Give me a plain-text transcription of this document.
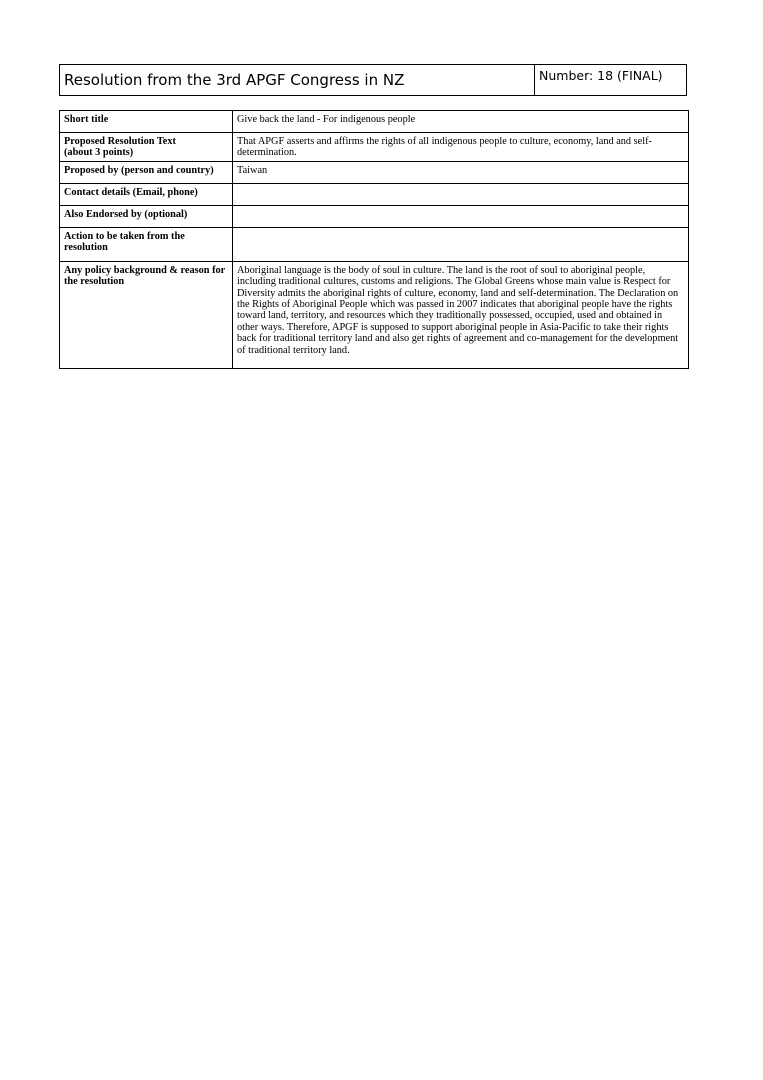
Resolution from the 3rd APGF Congress in NZ	Number: 18 (FINAL)
Short title	Give back the land - For indigenous people
Proposed Resolution Text
(about 3 points)	That APGF asserts and affirms the rights of all indigenous people to culture, economy, land and self-determination.
Proposed by (person and country)	Taiwan
Contact details (Email, phone)	
Also Endorsed by (optional)	
Action to be taken from the resolution	
Any policy background & reason for the resolution	Aboriginal language is the body of soul in culture. The land is the root of soul to aboriginal people, including traditional cultures, customs and religions. The Global Greens whose main value is Respect for Diversity admits the aboriginal rights of culture, economy, land and self-determination. The Declaration on the Rights of Aboriginal People which was passed in 2007 indicates that aboriginal people have the rights toward land, territory, and resources which they traditionally possessed, occupied, used and obtained in other ways. Therefore, APGF is supposed to support aboriginal people in Asia-Pacific to take their rights back for traditional territory land and also get rights of agreement and co-management for the development of traditional territory land.
